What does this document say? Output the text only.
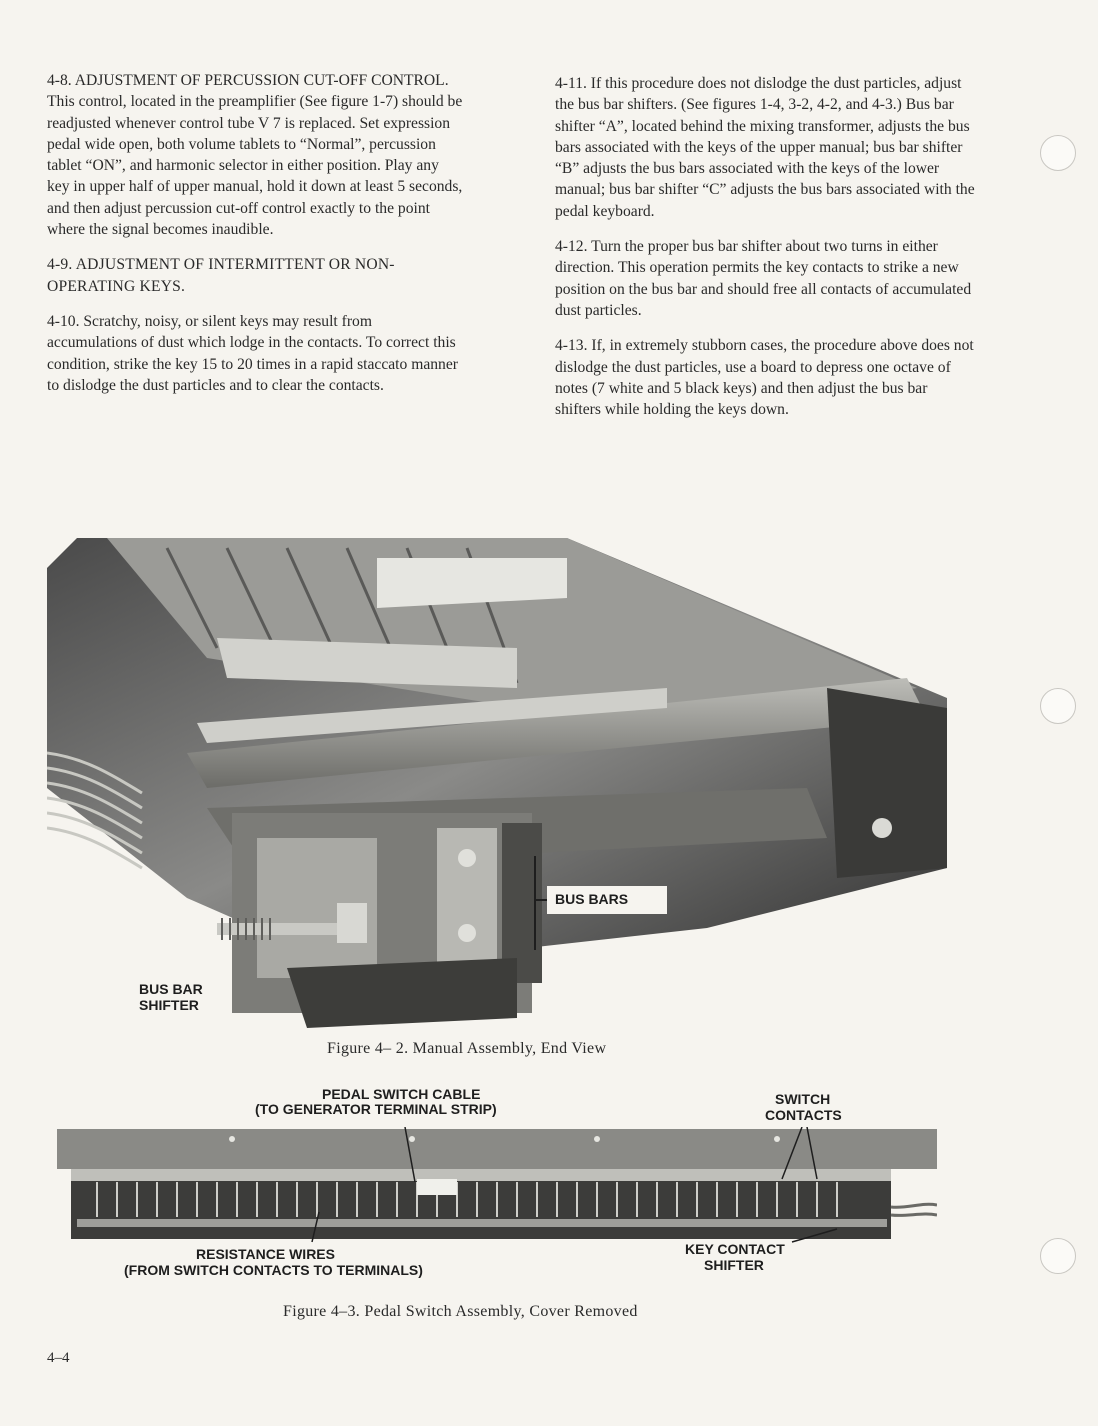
4-8. ADJUSTMENT OF PERCUSSION CUT-OFF CONTROL. This control, located in the preamplifier (See figure 1-7) should be readjusted whenever control tube V 7 is replaced. Set expression pedal wide open, both volume tablets to “Normal”, percussion tablet “ON”, and harmonic selector in either position. Play any key in upper half of upper manual, hold it down at least 5 seconds, and then adjust percussion cut-off control exactly to the point where the signal becomes inaudible.

4-9. ADJUSTMENT OF INTERMITTENT OR NON-OPERATING KEYS.

4-10. Scratchy, noisy, or silent keys may result from accumulations of dust which lodge in the contacts. To correct this condition, strike the key 15 to 20 times in a rapid staccato manner to dislodge the dust particles and to clear the contacts.

4-11. If this procedure does not dislodge the dust particles, adjust the bus bar shifters. (See figures 1-4, 3-2, 4-2, and 4-3.) Bus bar shifter “A”, located behind the mixing transformer, adjusts the bus bars associated with the keys of the upper manual; bus bar shifter “B” adjusts the bus bars associated with the keys of the lower manual; bus bar shifter “C” adjusts the bus bars associated with the pedal keyboard.

4-12. Turn the proper bus bar shifter about two turns in either direction. This operation permits the key contacts to strike a new position on the bus bar and should free all contacts of accumulated dust particles.

4-13. If, in extremely stubborn cases, the procedure above does not dislodge the dust particles, use a board to depress one octave of notes (7 white and 5 black keys) and then adjust the bus bar shifters while holding the keys down.

BUS BARS
BUS BAR
SHIFTER
Figure 4– 2. Manual Assembly, End View
PEDAL SWITCH CABLE
(TO GENERATOR TERMINAL STRIP)
SWITCH
CONTACTS
RESISTANCE WIRES
(FROM SWITCH CONTACTS TO TERMINALS)
KEY CONTACT
SHIFTER
Figure 4–3. Pedal Switch Assembly, Cover Removed
4–4
